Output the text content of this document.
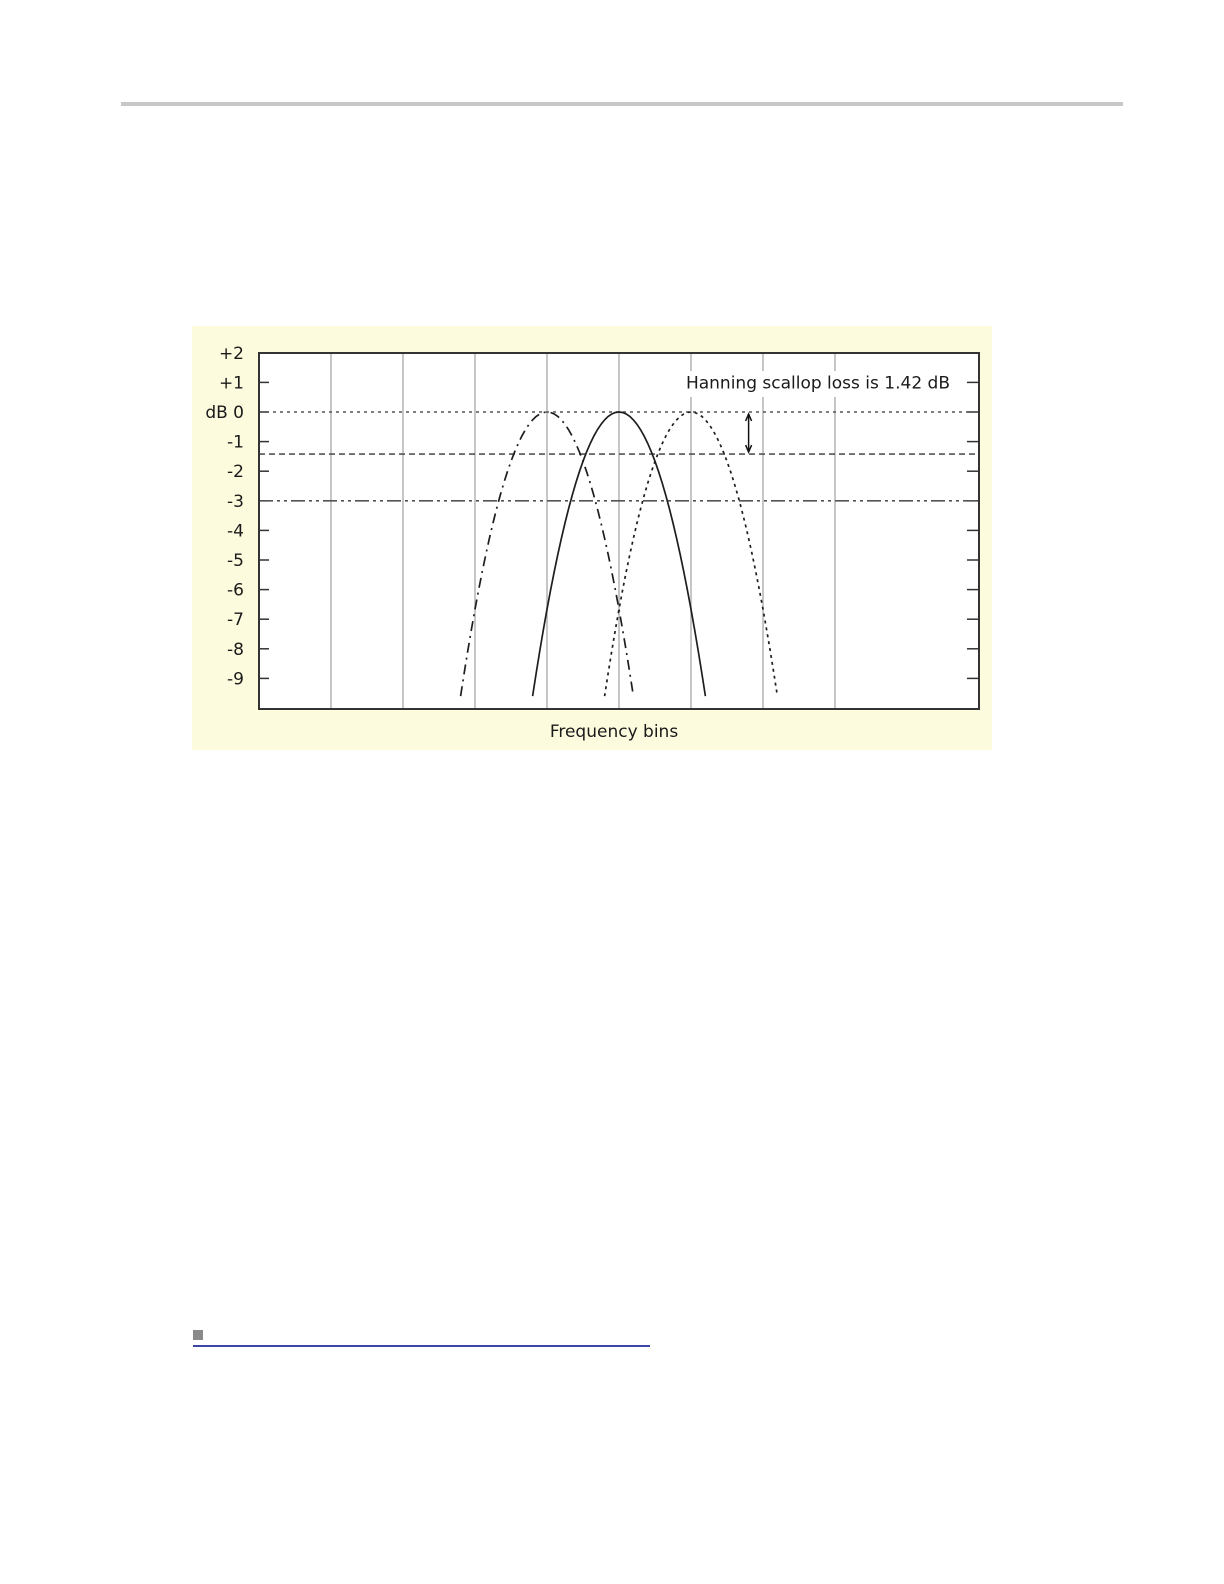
+2
+1
dB 0
-1
-2
-3
-4
-5
-6
-7
-8
-9
Hanning scallop loss is 1.42 dB
Frequency bins
